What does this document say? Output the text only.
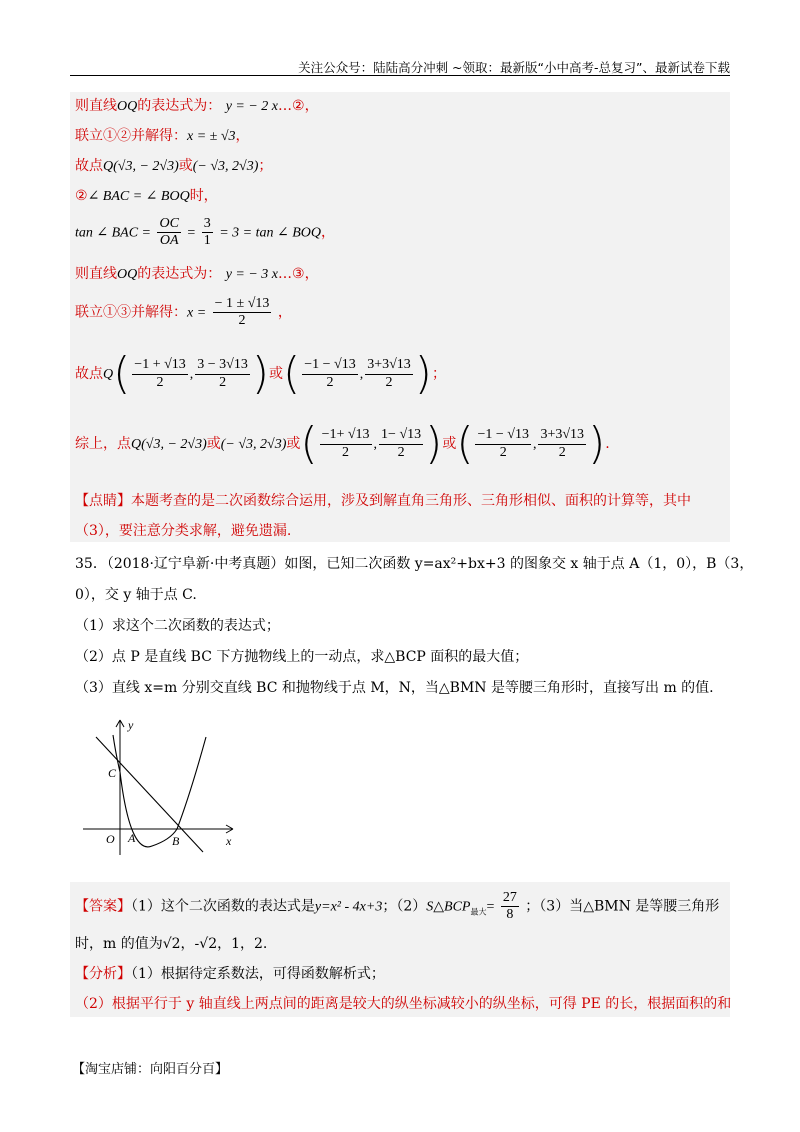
关注公众号：陆陆高分冲刺 ~领取：最新版“小中高考-总复习”、最新试卷下载
则直线OQ的表达式为： y = − 2 x…②，
联立①②并解得：x = ± √3，
故点Q(√3, − 2√3)或(− √3, 2√3)；
②∠ BAC = ∠ BOQ时，
tan ∠ BAC = $\frac{OC}{OA} = \frac{3}{1} = 3 = \tan$ ∠ BOQ，
则直线OQ的表达式为： y = − 3 x…③，
联立①③并解得：$x = \frac{- 1 \pm √13}{2}$ ，
故点$Q( \frac{-1 + √13}{2}$ , $\frac{3 - 3√13}{2}$ )或( $\frac{-1 - √13}{2}$ , $\frac{3+3√13}{2}$ )；
综上，点Q(√3, − 2√3)或(− √3, 2√3)或( $\frac{-1+ √13}{2}$ , $\frac{1- √13}{2}$ )或( $\frac{-1 - √13}{2}$ , $\frac{3+3√13}{2}$ ).
【点睛】本题考查的是二次函数综合运用，涉及到解直角三角形、三角形相似、面积的计算等，其中
（3），要注意分类求解，避免遗漏.
35．（2018·辽宁阜新·中考真题）如图，已知二次函数 y=ax²+bx+3 的图象交 x 轴于点 A（1，0），B（3，
0），交 y 轴于点 C.
（1）求这个二次函数的表达式；
（2）点 P 是直线 BC 下方抛物线上的一动点，求△BCP 面积的最大值；
（3）直线 x=m 分别交直线 BC 和抛物线于点 M，N，当△BMN 是等腰三角形时，直接写出 m 的值.
y
x
C
O A	B
【答案】（1）这个二次函数的表达式是y=x² - 4x+3；$(2)S\triangle BCP_{最大}= \frac{27}{8}$ ；（3）当△BMN 是等腰三角形
时，m 的值为√2，-√2，1，2.
【分析】（1）根据待定系数法，可得函数解析式；
（2）根据平行于 y 轴直线上两点间的距离是较大的纵坐标减较小的纵坐标，可得 PE 的长，根据面积的和
【淘宝店铺：向阳百分百】
